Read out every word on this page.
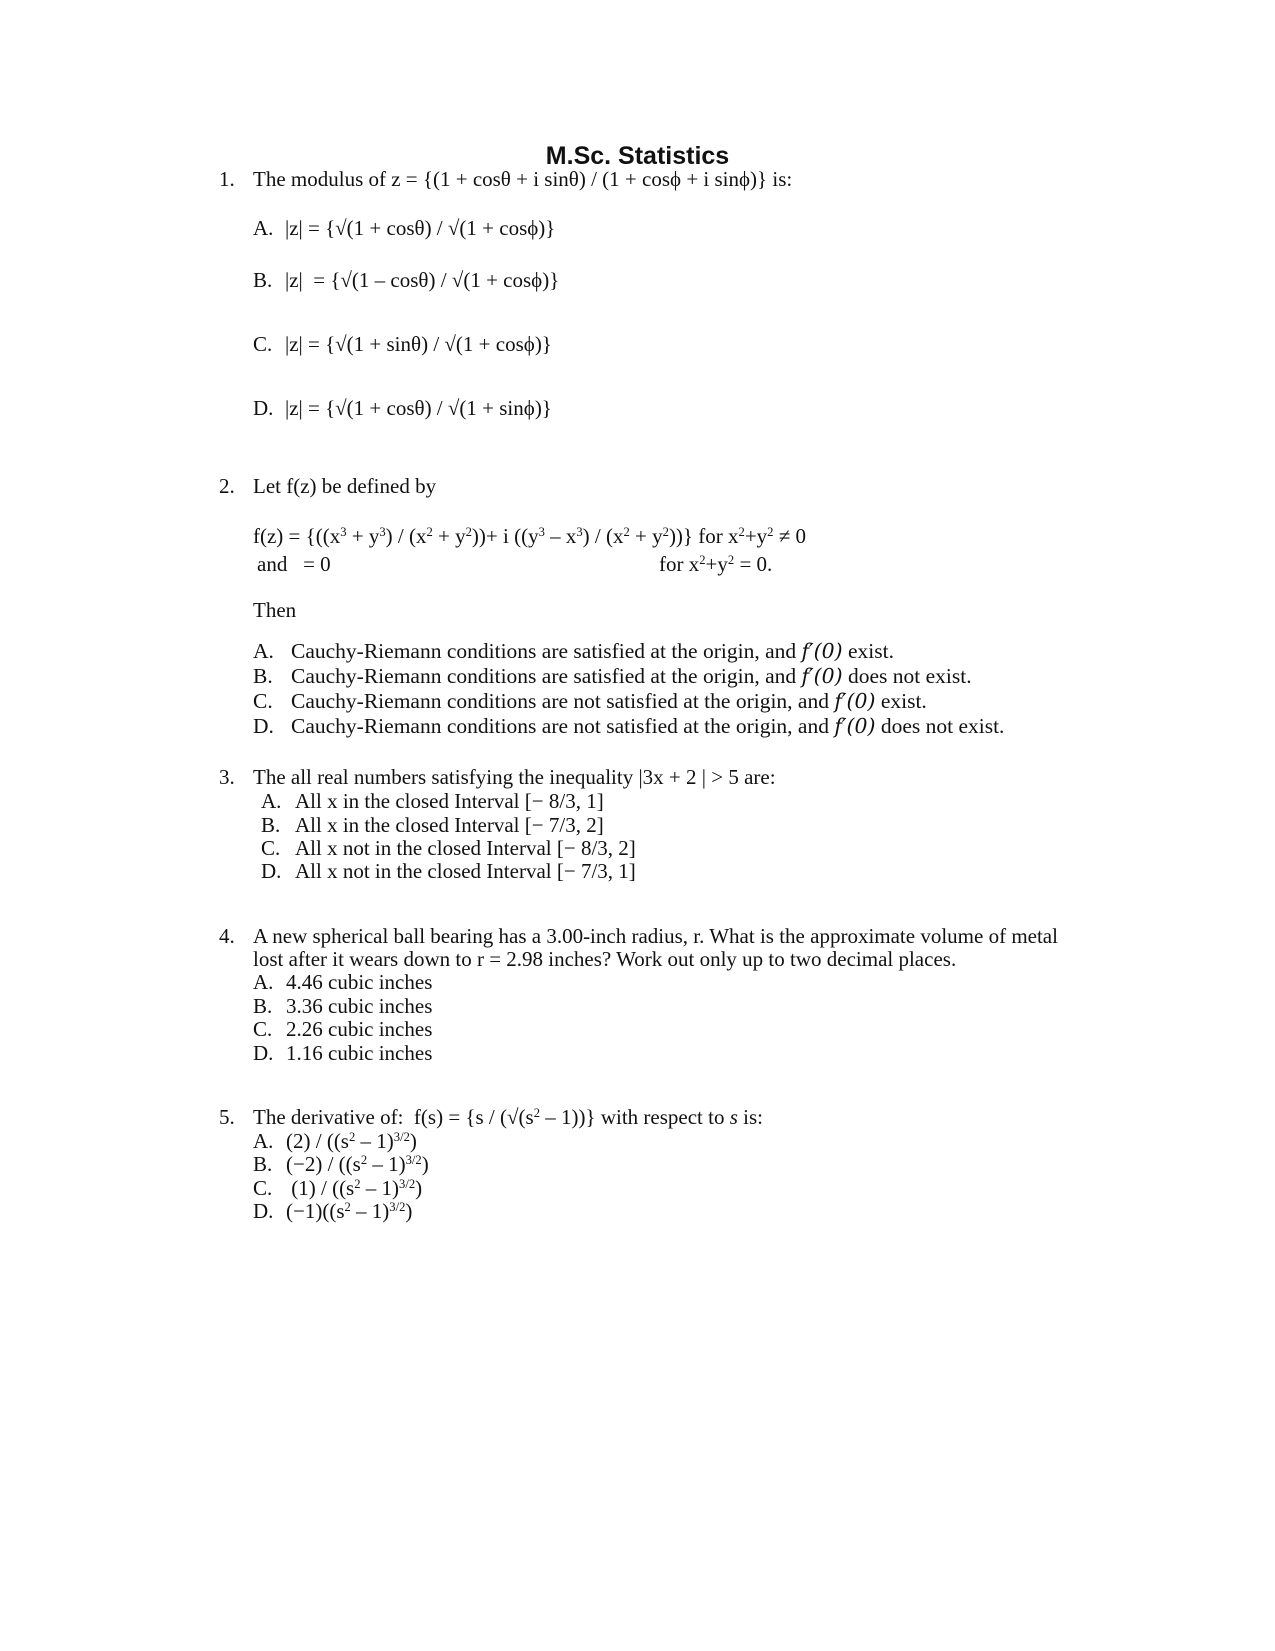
M.Sc. Statistics
1. The modulus of z = {(1 + cosθ + i sinθ) / (1 + cosϕ + i sinϕ)} is:
A. |z| = {√(1 + cosθ) / √(1 + cosϕ)}
B. |z|  = {√(1 – cosθ) / √(1 + cosϕ)}
C. |z| = {√(1 + sinθ) / √(1 + cosϕ)}
D. |z| = {√(1 + cosθ) / √(1 + sinϕ)}
2. Let f(z) be defined by
$f(z) = \{((x^3 + y^3) / (x^2 + y^2))+ i$ $((y^3 - x^3) / (x^2 + y^2))$} for $x^2+y^2 \ne 0$
and   = 0	for $x^2+y^2 = 0$.
Then
A. Cauchy-Riemann conditions are satisfied at the origin, and f′(0) exist.
B. Cauchy-Riemann conditions are satisfied at the origin, and f′(0) does not exist.
C. Cauchy-Riemann conditions are not satisfied at the origin, and f′(0) exist.
D. Cauchy-Riemann conditions are not satisfied at the origin, and f′(0) does not exist.
3. The all real numbers satisfying the inequality |3x + 2 | > 5 are:
A. All x in the closed Interval [− 8/3, 1]
B. All x in the closed Interval [− 7/3, 2]
C. All x not in the closed Interval [− 8/3, 2]
D. All x not in the closed Interval [− 7/3, 1]
4. A new spherical ball bearing has a 3.00-inch radius, r. What is the approximate volume of metal
lost after it wears down to r = 2.98 inches? Work out only up to two decimal places.
A. 4.46 cubic inches
B. 3.36 cubic inches
C. 2.26 cubic inches
D. 1.16 cubic inches
5. The derivative of:  $f(s) = \{s / (√(s^2 - 1))\}$ with respect to s is:
A. $(2) / ((s^2 - 1)^{3/2})$
B. $(-2) / ((s^2 - 1)^{3/2})$
C. $(1) / ((s^2 - 1)^{3/2})$
D. $(-1)((s^2 - 1)^{3/2})$
